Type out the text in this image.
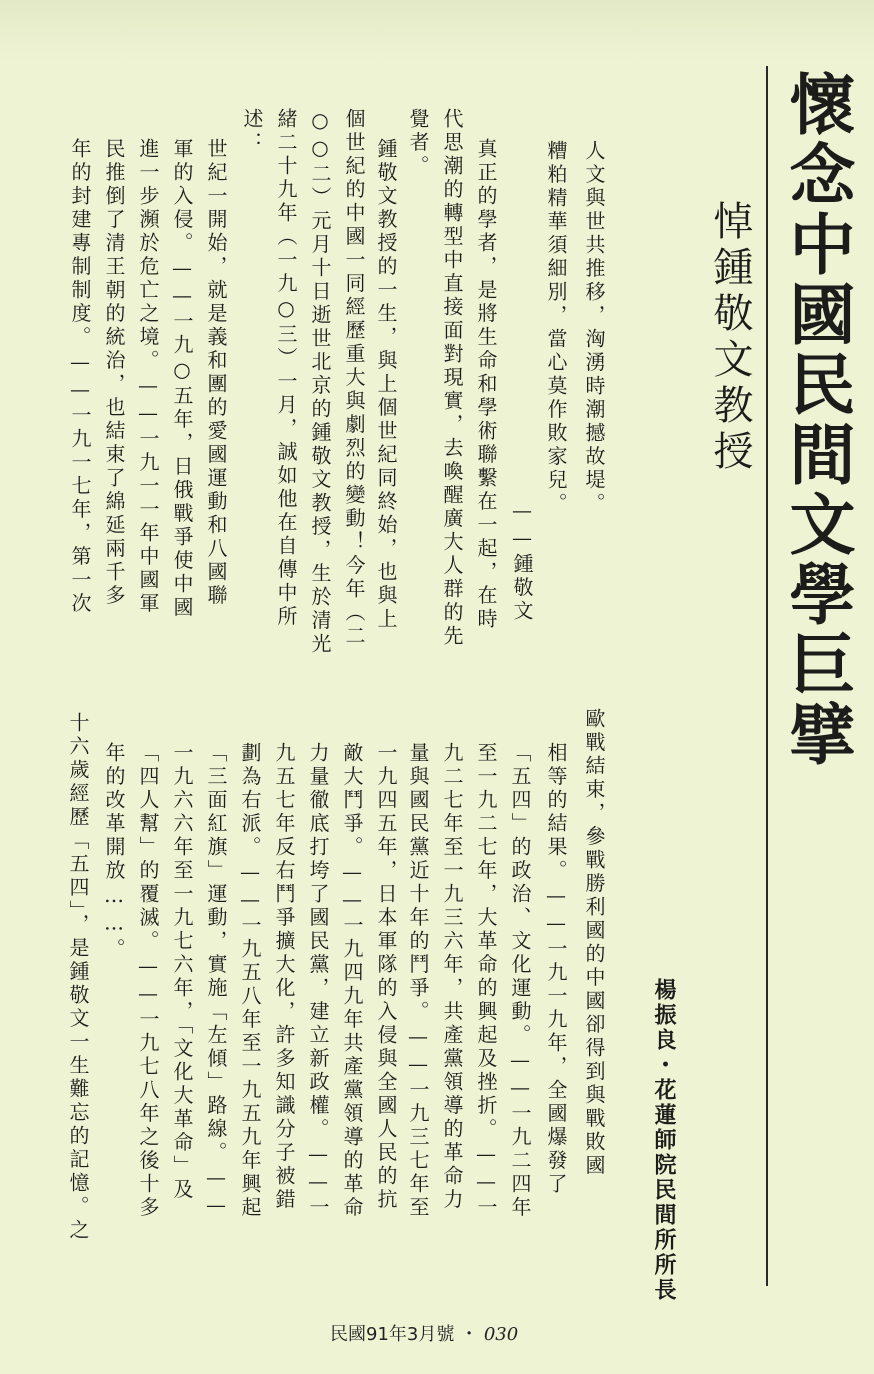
懷念中國民間文學巨擘
悼鍾敬文教授
楊振良・花蓮師院民間所所長
人文與世共推移，洶湧時潮撼故堤。
糟粕精華須細別，當心莫作敗家兒。
——鍾敬文
真正的學者，是將生命和學術聯繫在一起，在時
代思潮的轉型中直接面對現實，去喚醒廣大人群的先
覺者。
鍾敬文教授的一生，與上個世紀同終始，也與上
個世紀的中國一同經歷重大與劇烈的變動！今年（二
○○二）元月十日逝世北京的鍾敬文教授，生於清光
緒二十九年（一九○三）一月，誠如他在自傳中所
述：
世紀一開始，就是義和團的愛國運動和八國聯
軍的入侵。——一九○五年，日俄戰爭使中國
進一步瀕於危亡之境。——一九一一年中國軍
民推倒了清王朝的統治，也結束了綿延兩千多
年的封建專制制度。——一九一七年，第一次
歐戰結束，參戰勝利國的中國卻得到與戰敗國
相等的結果。——一九一九年，全國爆發了
「五四」的政治、文化運動。——一九二四年
至一九二七年，大革命的興起及挫折。——一
九二七年至一九三六年，共產黨領導的革命力
量與國民黨近十年的鬥爭。——一九三七年至
一九四五年，日本軍隊的入侵與全國人民的抗
敵大鬥爭。——一九四九年共產黨領導的革命
力量徹底打垮了國民黨，建立新政權。——一
九五七年反右鬥爭擴大化，許多知識分子被錯
劃為右派。——一九五八年至一九五九年興起
「三面紅旗」運動，實施「左傾」路線。——
一九六六年至一九七六年，「文化大革命」及
「四人幫」的覆滅。——一九七八年之後十多
年的改革開放……。
十六歲經歷「五四」，是鍾敬文一生難忘的記憶。之
民國91年3月號 ・ 030
